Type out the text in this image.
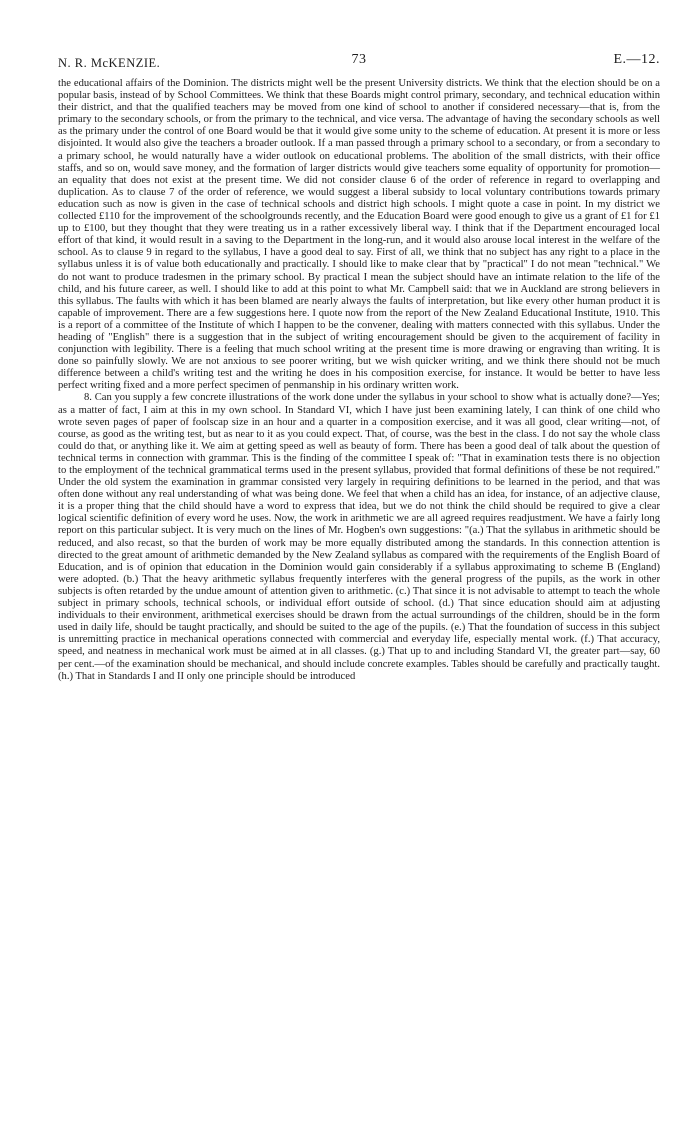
N. R. McKENZIE.	73	E.—12.

the educational affairs of the Dominion. The districts might well be the present University districts. We think that the election should be on a popular basis, instead of by School Committees. We think that these Boards might control primary, secondary, and technical education within their district, and that the qualified teachers may be moved from one kind of school to another if considered necessary—that is, from the primary to the secondary schools, or from the primary to the technical, and vice versa. The advantage of having the secondary schools as well as the primary under the control of one Board would be that it would give some unity to the scheme of education. At present it is more or less disjointed. It would also give the teachers a broader outlook. If a man passed through a primary school to a secondary, or from a secondary to a primary school, he would naturally have a wider outlook on educational problems. The abolition of the small districts, with their office staffs, and so on, would save money, and the formation of larger districts would give teachers some equality of opportunity for promotion—an equality that does not exist at the present time. We did not consider clause 6 of the order of reference in regard to overlapping and duplication. As to clause 7 of the order of reference, we would suggest a liberal subsidy to local voluntary contributions towards primary education such as now is given in the case of technical schools and district high schools. I might quote a case in point. In my district we collected £110 for the improvement of the schoolgrounds recently, and the Education Board were good enough to give us a grant of £1 for £1 up to £100, but they thought that they were treating us in a rather excessively liberal way. I think that if the Department encouraged local effort of that kind, it would result in a saving to the Department in the long-run, and it would also arouse local interest in the welfare of the school. As to clause 9 in regard to the syllabus, I have a good deal to say. First of all, we think that no subject has any right to a place in the syllabus unless it is of value both educationally and practically. I should like to make clear that by "practical" I do not mean "technical." We do not want to produce tradesmen in the primary school. By practical I mean the subject should have an intimate relation to the life of the child, and his future career, as well. I should like to add at this point to what Mr. Campbell said: that we in Auckland are strong believers in this syllabus. The faults with which it has been blamed are nearly always the faults of interpretation, but like every other human product it is capable of improvement. There are a few suggestions here. I quote now from the report of the New Zealand Educational Institute, 1910. This is a report of a committee of the Institute of which I happen to be the convener, dealing with matters connected with this syllabus. Under the heading of "English" there is a suggestion that in the subject of writing encouragement should be given to the acquirement of facility in conjunction with legibility. There is a feeling that much school writing at the present time is more drawing or engraving than writing. It is done so painfully slowly. We are not anxious to see poorer writing, but we wish quicker writing, and we think there should not be much difference between a child's writing test and the writing he does in his composition exercise, for instance. It would be better to have less perfect writing fixed and a more perfect specimen of penmanship in his ordinary written work.

8. Can you supply a few concrete illustrations of the work done under the syllabus in your school to show what is actually done?—Yes; as a matter of fact, I aim at this in my own school. In Standard VI, which I have just been examining lately, I can think of one child who wrote seven pages of paper of foolscap size in an hour and a quarter in a composition exercise, and it was all good, clear writing—not, of course, as good as the writing test, but as near to it as you could expect. That, of course, was the best in the class. I do not say the whole class could do that, or anything like it. We aim at getting speed as well as beauty of form. There has been a good deal of talk about the question of technical terms in connection with grammar. This is the finding of the committee I speak of: "That in examination tests there is no objection to the employment of the technical grammatical terms used in the present syllabus, provided that formal definitions of these be not required." Under the old system the examination in grammar consisted very largely in requiring definitions to be learned in the period, and that was often done without any real understanding of what was being done. We feel that when a child has an idea, for instance, of an adjective clause, it is a proper thing that the child should have a word to express that idea, but we do not think the child should be required to give a clear logical scientific definition of every word he uses. Now, the work in arithmetic we are all agreed requires readjustment. We have a fairly long report on this particular subject. It is very much on the lines of Mr. Hogben's own suggestions: "(a.) That the syllabus in arithmetic should be reduced, and also recast, so that the burden of work may be more equally distributed among the standards. In this connection attention is directed to the great amount of arithmetic demanded by the New Zealand syllabus as compared with the requirements of the English Board of Education, and is of opinion that education in the Dominion would gain considerably if a syllabus approximating to scheme B (England) were adopted. (b.) That the heavy arithmetic syllabus frequently interferes with the general progress of the pupils, as the work in other subjects is often retarded by the undue amount of attention given to arithmetic. (c.) That since it is not advisable to attempt to teach the whole subject in primary schools, technical schools, or individual effort outside of school. (d.) That since education should aim at adjusting individuals to their environment, arithmetical exercises should be drawn from the actual surroundings of the children, should be in the form used in daily life, should be taught practically, and should be suited to the age of the pupils. (e.) That the foundation of success in this subject is unremitting practice in mechanical operations connected with commercial and everyday life, especially mental work. (f.) That accuracy, speed, and neatness in mechanical work must be aimed at in all classes. (g.) That up to and including Standard VI, the greater part—say, 60 per cent.—of the examination should be mechanical, and should include concrete examples. Tables should be carefully and practically taught. (h.) That in Standards I and II only one principle should be introduced
